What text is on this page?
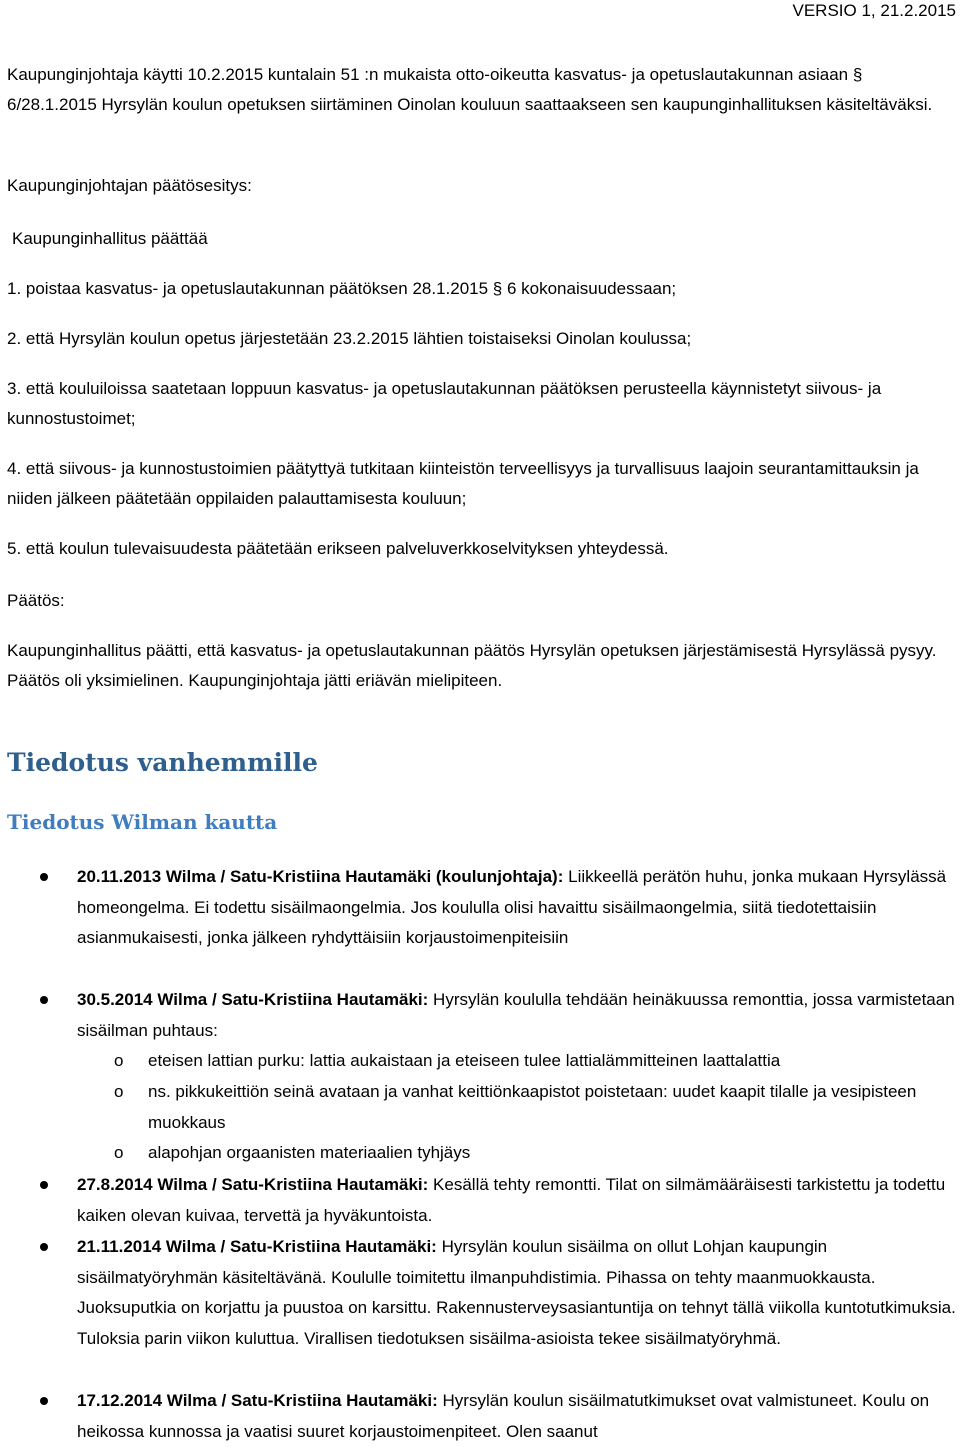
VERSIO 1, 21.2.2015
Kaupunginjohtaja käytti 10.2.2015 kuntalain 51 :n mukaista otto-oikeutta kasvatus- ja opetuslautakunnan asiaan § 6/28.1.2015 Hyrsylän koulun opetuksen siirtäminen Oinolan kouluun saattaakseen sen kaupunginhallituksen käsiteltäväksi.
Kaupunginjohtajan päätösesitys:
Kaupunginhallitus päättää
1. poistaa kasvatus- ja opetuslautakunnan päätöksen 28.1.2015 § 6 kokonaisuudessaan;
2. että Hyrsylän koulun opetus järjestetään 23.2.2015 lähtien toistaiseksi Oinolan koulussa;
3. että kouluiloissa saatetaan loppuun kasvatus- ja opetuslautakunnan päätöksen perusteella käynnistetyt siivous- ja kunnostustoimet;
4. että siivous- ja kunnostustoimien päätyttyä tutkitaan kiinteistön terveellisyys ja turvallisuus laajoin seurantamittauksin ja niiden jälkeen päätetään oppilaiden palauttamisesta kouluun;
5. että koulun tulevaisuudesta päätetään erikseen palveluverkkoselvityksen yhteydessä.
Päätös:
Kaupunginhallitus päätti, että kasvatus- ja opetuslautakunnan päätös Hyrsylän opetuksen järjestämisestä Hyrsylässä pysyy. Päätös oli yksimielinen. Kaupunginjohtaja jätti eriävän mielipiteen.
Tiedotus vanhemmille
Tiedotus Wilman kautta
20.11.2013 Wilma / Satu-Kristiina Hautamäki (koulunjohtaja): Liikkeellä perätön huhu, jonka mukaan Hyrsylässä homeongelma. Ei todettu sisäilmaongelmia. Jos koululla olisi havaittu sisäilmaongelmia, siitä tiedotettaisiin asianmukaisesti, jonka jälkeen ryhdyttäisiin korjaustoimenpiteisiin
30.5.2014 Wilma / Satu-Kristiina Hautamäki: Hyrsylän koululla tehdään heinäkuussa remonttia, jossa varmistetaan sisäilman puhtaus:
o eteisen lattian purku: lattia aukaistaan ja eteiseen tulee lattialämmitteinen laattalattia
o ns. pikkukeittiön seinä avataan ja vanhat keittiönkaapistot poistetaan: uudet kaapit tilalle ja vesipisteen muokkaus
o alapohjan orgaanisten materiaalien tyhjäys
27.8.2014 Wilma / Satu-Kristiina Hautamäki: Kesällä tehty remontti. Tilat on silmämääräisesti tarkistettu ja todettu kaiken olevan kuivaa, tervettä ja hyväkuntoista.
21.11.2014 Wilma / Satu-Kristiina Hautamäki: Hyrsylän koulun sisäilma on ollut Lohjan kaupungin sisäilmatyöryhmän käsiteltävänä. Koululle toimitettu ilmanpuhdistimia. Pihassa on tehty maanmuokkausta. Juoksuputkia on korjattu ja puustoa on karsittu. Rakennusterveysasiantuntija on tehnyt tällä viikolla kuntotutkimuksia. Tuloksia parin viikon kuluttua. Virallisen tiedotuksen sisäilma-asioista tekee sisäilmatyöryhmä.
17.12.2014 Wilma / Satu-Kristiina Hautamäki: Hyrsylän koulun sisäilmatutkimukset ovat valmistuneet. Koulu on heikossa kunnossa ja vaatisi suuret korjaustoimenpiteet. Olen saanut
